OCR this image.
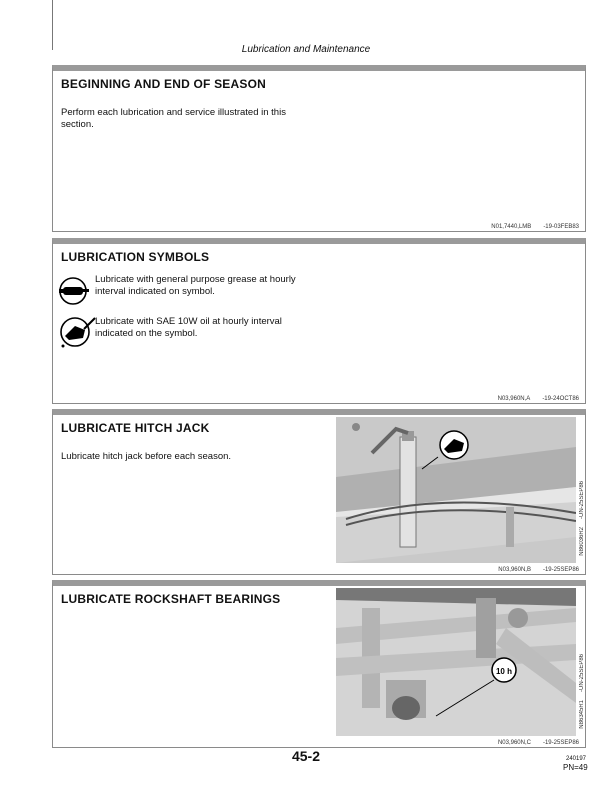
Lubrication and Maintenance
BEGINNING AND END OF SEASON
Perform each lubrication and service illustrated in this section.
N01,7440,LMB -19-03FEB83
LUBRICATION SYMBOLS
Lubricate with general purpose grease at hourly interval indicated on symbol.
Lubricate with SAE 10W oil at hourly interval indicated on the symbol.
N03,960N,A -19-24OCT86
LUBRICATE HITCH JACK
Lubricate hitch jack before each season.
N86036R2
-UN-25SEP86
N03,960N,B -19-25SEP86
LUBRICATE ROCKSHAFT BEARINGS
10 h
N86345R1
-UN-25SEP86
N03,960N,C -19-25SEP86
45-2	240197
PN=49
